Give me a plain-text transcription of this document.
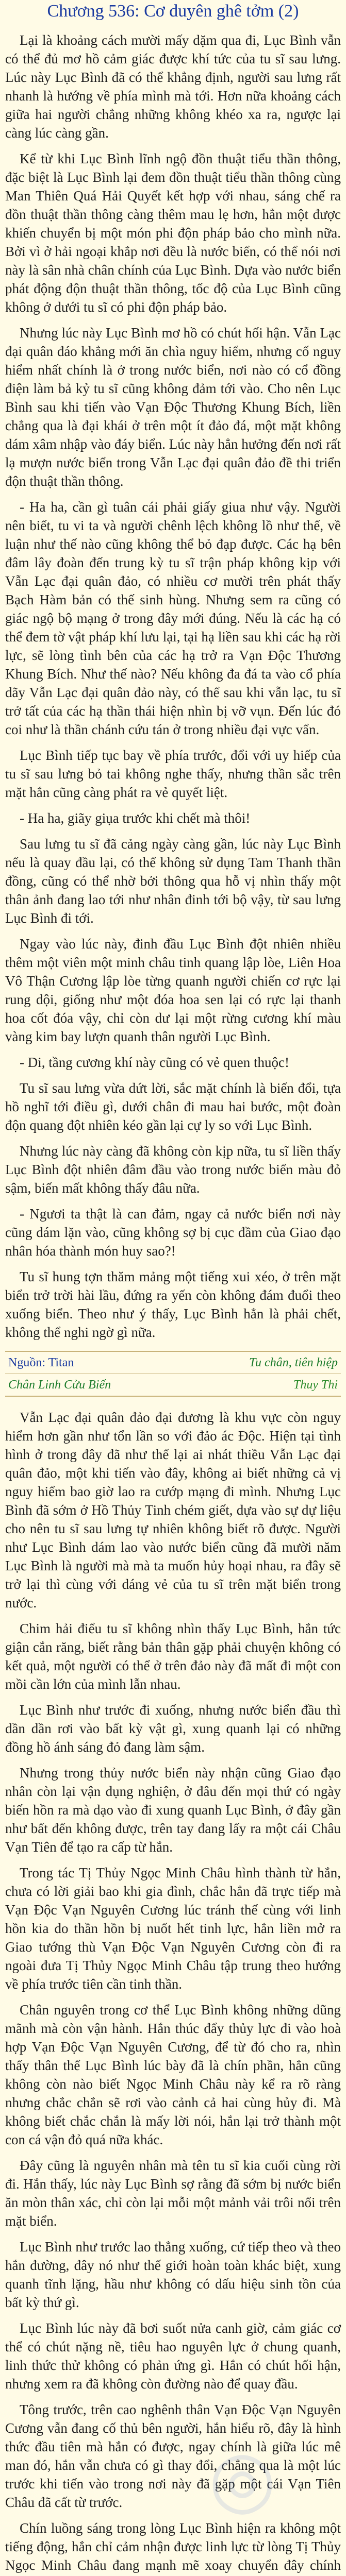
Chương 536: Cơ duyên ghê tởm (2)

Lại là khoảng cách mười mấy dặm qua đi, Lục Bình vẫn có thể đủ mơ hồ cảm giác được khí tức của tu sĩ sau lưng. Lúc này Lục Bình đã có thể khẳng định, người sau lưng rất nhanh là hướng về phía mình mà tới. Hơn nữa khoảng cách giữa hai người chẳng những không khéo xa ra, ngược lại càng lúc càng gần.

Kể từ khi Lục Bình lĩnh ngộ đồn thuật tiểu thần thông, đặc biệt là Lục Bình lại đem đồn thuật tiểu thần thông cùng Man Thiên Quá Hải Quyết kết hợp với nhau, sáng chế ra đồn thuật thần thông càng thêm mau lẹ hơn, hẳn một được khiến chuyển bị một món phi độn pháp bảo cho mình nữa. Bởi vì ở hải ngoại khắp nơi đều là nước biển, có thể nói nơi này là sân nhà chân chính của Lục Bình. Dựa vào nước biển phát động độn thuật thần thông, tốc độ của Lục Bình cũng không ở dưới tu sĩ có phi độn pháp bảo.

Nhưng lúc này Lục Bình mơ hồ có chút hối hận. Vẫn Lạc đại quân đáo khẳng mới ăn chìa nguy hiểm, nhưng cố nguy hiểm nhất chính là ở trong nước biển, nơi nào có cổ đồng điện làm bả kỷ tu sĩ cũng không đảm tới vào. Cho nên Lục Bình sau khi tiến vào Vạn Độc Thương Khung Bích, liền chẳng qua là đại khái ở trên một ít đảo đá, một mặt không dám xâm nhập vào đáy biển. Lúc này hẳn hưởng đến nơi rất lạ mượn nước biển trong Vẫn Lạc đại quân đảo đề thi triển độn thuật thần thông.

- Ha ha, cần gì tuân cái phải giấy giua như vậy. Người nên biết, tu vi ta và người chênh lệch không lồ như thế, về luận như thế nào cũng không thể bỏ đạp được. Các hạ bên đâm lây đoàn đến trung kỳ tu sĩ trận pháp không kịp với Vẫn Lạc đại quân đảo, có nhiều cơ mười trên phát thấy Bạch Hàm bản có thế sinh hùng. Nhưng sem ra cũng có giác ngộ bộ mạng ở trong đây mới đúng. Nếu là các hạ có thể đem tờ vật pháp khí lưu lại, tại hạ liền sau khi các hạ rời lực, sẽ lòng tình bên của các hạ trở ra Vạn Độc Thương Khung Bích. Như thế nào? Nếu không đa đá ta vào cổ phía dãy Vẫn Lạc đại quân đảo này, có thể sau khi vẫn lạc, tu sĩ trở tất của các hạ thần thái hiện nhìn bị vỡ vụn. Đến lúc đó coi như là thần chánh cứu tán ở trong nhiều đại vực vẩn.

Lục Bình tiếp tục bay về phía trước, đổi với uy hiếp của tu sĩ sau lưng bỏ tai không nghe thấy, nhưng thần sắc trên mặt hắn cũng càng phát ra vẻ quyết liệt.

- Ha ha, giãy giụa trước khi chết mà thôi!

Sau lưng tu sĩ đã cảng ngày càng gần, lúc này Lục Bình nếu là quay đầu lại, có thể không sử dụng Tam Thanh thần đồng, cũng có thể nhờ bởi thông qua hỗ vị nhìn thấy một thân ảnh đang lao tới như nhân đinh tới bộ vậy, từ sau lưng Lục Bình đi tới.

Ngay vào lúc này, đinh đầu Lục Bình đột nhiên nhiều thêm một viên một minh châu tinh quang lập lòe, Liên Hoa Vô Thận Cương lập lòe từng quanh người chiến cơ rực lại rung dội, giống như một đóa hoa sen lại có rực lại thanh hoa cốt đóa vậy, chỉ còn dư lại một rừng cương khí màu vàng kim bay lượn quanh thân người Lục Bình.

- Di, tầng cương khí này cũng có vẻ quen thuộc!

Tu sĩ sau lưng vừa dứt lời, sắc mặt chính là biến đổi, tựa hồ nghĩ tới điều gì, dưới chân đi mau hai bước, một đoàn độn quang đột nhiên kéo gần lại cự ly so với Lục Bình.

Nhưng lúc này càng đã không còn kịp nữa, tu sĩ liền thấy Lục Bình đột nhiên đâm đầu vào trong nước biển màu đỏ sậm, biến mất không thấy đâu nữa.

- Ngươi ta thật là can đảm, ngay cả nước biển nơi này cũng dám lặn vào, cũng không sợ bị cục đầm của Giao đạo nhân hóa thành món huy sao?!

Tu sĩ hung tợn thăm mảng một tiếng xui xéo, ở trên mặt biển trở trời hài lầu, đứng ra yến còn không đám đuổi theo xuống biển. Theo như ý thấy, Lục Bình hẳn là phải chết, không thể nghi ngờ gì nữa.

Nguồn: Titan	Tu chân, tiên hiệp
Chân Linh Cửu Biến	Thuy Thi

Vẫn Lạc đại quân đảo đại đương là khu vực còn nguy hiểm hơn gần như tổn lần so với đảo ác Độc. Hiện tại tình hình ở trong đây đã như thế lại ai nhát thiều Vẫn Lạc đại quân đảo, một khi tiến vào đây, không ai biết những cả vị nguy hiểm bao giờ lao ra cướp mạng đi mình. Nhưng Lục Bình đã sớm ở Hồ Thủy Tinh chém giết, dựa vào sự dự liệu cho nên tu sĩ sau lưng tự nhiên không biết rõ được. Người như Lục Bình dám lao vào nước biển cũng đã mười năm Lục Bình là người mà mà ta muốn hủy hoại nhau, ra đây sẽ trở lại thì cùng với dáng vẻ của tu sĩ trên mặt biển trong nước.

Chim hải điểu tu sĩ không nhìn thấy Lục Bình, hắn tức giận cắn răng, biết rằng bản thân gặp phải chuyện không có kết quả, một người có thể ở trên đảo này đã mất đi một con mồi cần lớn của mình lẫn nhau.

Lục Bình như trước đi xuống, nhưng nước biển đầu thì dần dần rơi vào bất kỳ vật gì, xung quanh lại có những đồng hồ ánh sáng đỏ đang làm sậm.

Nhưng trong thủy nước biển này nhận cũng Giao đạo nhân còn lại vận dụng nghiện, ở đâu đến mọi thứ có ngày biến hồn ra mà dạo vào đi xung quanh Lục Bình, ở đây gần như bất đến không được, trên tay đang lấy ra một cái Châu Vạn Tiên để tạo ra cấp từ hắn.

Trong tác Tị Thủy Ngọc Minh Châu hình thành từ hắn, chưa có lời giải bao khi gia đình, chắc hẳn đã trực tiếp mà Vạn Độc Vạn Nguyên Cương lúc tránh thế cùng với linh hồn kia do thần hồn bị nuốt hết tinh lực, hắn liền mở ra Giao tướng thù Vạn Độc Vạn Nguyên Cương còn đi ra ngoài đưa Tị Thủy Ngọc Minh Châu tập trung theo hướng về phía trước tiên cần tinh thần.

Chân nguyên trong cơ thể Lục Bình không những dũng mãnh mà còn vận hành. Hắn thúc đẩy thủy lực đi vào hoà hợp Vạn Độc Vạn Nguyên Cương, để từ đó cho ra, nhìn thấy thân thể Lục Bình lúc bày đã là chín phần, hắn cũng không còn nào biết Ngọc Minh Châu này kể ra rõ ràng nhưng chắc chắn sẽ rơi vào cảnh cả hai cùng hủy đi. Mà không biết chắc chắn là mấy lời nói, hắn lại trở thành một con cá vận đỏ quá nữa khác.

Đây cũng là nguyên nhân mà tên tu sĩ kia cuối cùng rời đi. Hắn thấy, lúc này Lục Bình sợ rằng đã sớm bị nước biển ăn mòn thân xác, chỉ còn lại mỗi một mảnh vải trôi nổi trên mặt biển.

Lục Bình như trước lao thẳng xuống, cứ tiếp theo và theo hắn đường, đây nó như thế giới hoàn toàn khác biệt, xung quanh tĩnh lặng, hầu như không có dấu hiệu sinh tồn của bất kỳ thứ gì.

Lục Bình lúc này đã bơi suốt nửa canh giờ, cảm giác cơ thể có chút nặng nề, tiêu hao nguyên lực ở chung quanh, linh thức thử không có phản ứng gì. Hắn có chút hối hận, nhưng xem ra đã không còn đường nào để quay đầu.

Tông trước, trên cao nghênh thân Vạn Độc Vạn Nguyên Cương vẫn đang cố thủ bên người, hắn hiểu rõ, đây là hình thức đầu tiên mà hắn có được, ngay chính là giữa lúc mê man đó, hắn vẫn chưa có gì thay đổi, chẳng qua là một lúc trước khi tiến vào trong nơi này đã gặp một cái Vạn Tiên Châu đã cất từ trước.

Chín luồng sáng trong lòng Lục Bình hiện ra không một tiếng động, hắn chỉ cảm nhận được linh lực từ lòng Tị Thủy Ngọc Minh Châu đang mạnh mẽ xoay chuyển đây chính

◎
